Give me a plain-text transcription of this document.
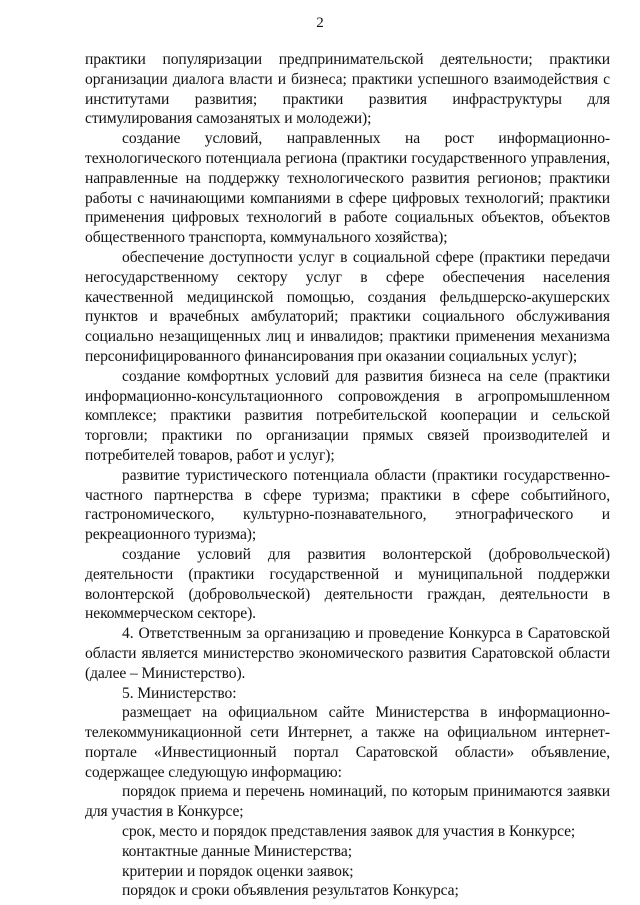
2

практики популяризации предпринимательской деятельности; практики организации диалога власти и бизнеса; практики успешного взаимодействия с институтами развития; практики развития инфраструктуры для стимулирования самозанятых и молодежи);

создание условий, направленных на рост информационно-технологического потенциала региона (практики государственного управления, направленные на поддержку технологического развития регионов; практики работы с начинающими компаниями в сфере цифровых технологий; практики применения цифровых технологий в работе социальных объектов, объектов общественного транспорта, коммунального хозяйства);

обеспечение доступности услуг в социальной сфере (практики передачи негосударственному сектору услуг в сфере обеспечения населения качественной медицинской помощью, создания фельдшерско-акушерских пунктов и врачебных амбулаторий; практики социального обслуживания социально незащищенных лиц и инвалидов; практики применения механизма персонифицированного финансирования при оказании социальных услуг);

создание комфортных условий для развития бизнеса на селе (практики информационно-консультационного сопровождения в агропромышленном комплексе; практики развития потребительской кооперации и сельской торговли; практики по организации прямых связей производителей и потребителей товаров, работ и услуг);

развитие туристического потенциала области (практики государственно-частного партнерства в сфере туризма; практики в сфере событийного, гастрономического, культурно-познавательного, этнографического и рекреационного туризма);

создание условий для развития волонтерской (добровольческой) деятельности (практики государственной и муниципальной поддержки волонтерской (добровольческой) деятельности граждан, деятельности в некоммерческом секторе).

4. Ответственным за организацию и проведение Конкурса в Саратовской области является министерство экономического развития Саратовской области (далее – Министерство).

5. Министерство:

размещает на официальном сайте Министерства в информационно-телекоммуникационной сети Интернет, а также на официальном интернет-портале «Инвестиционный портал Саратовской области» объявление, содержащее следующую информацию:

порядок приема и перечень номинаций, по которым принимаются заявки для участия в Конкурсе;

срок, место и порядок представления заявок для участия в Конкурсе;

контактные данные Министерства;

критерии и порядок оценки заявок;

порядок и сроки объявления результатов Конкурса;
